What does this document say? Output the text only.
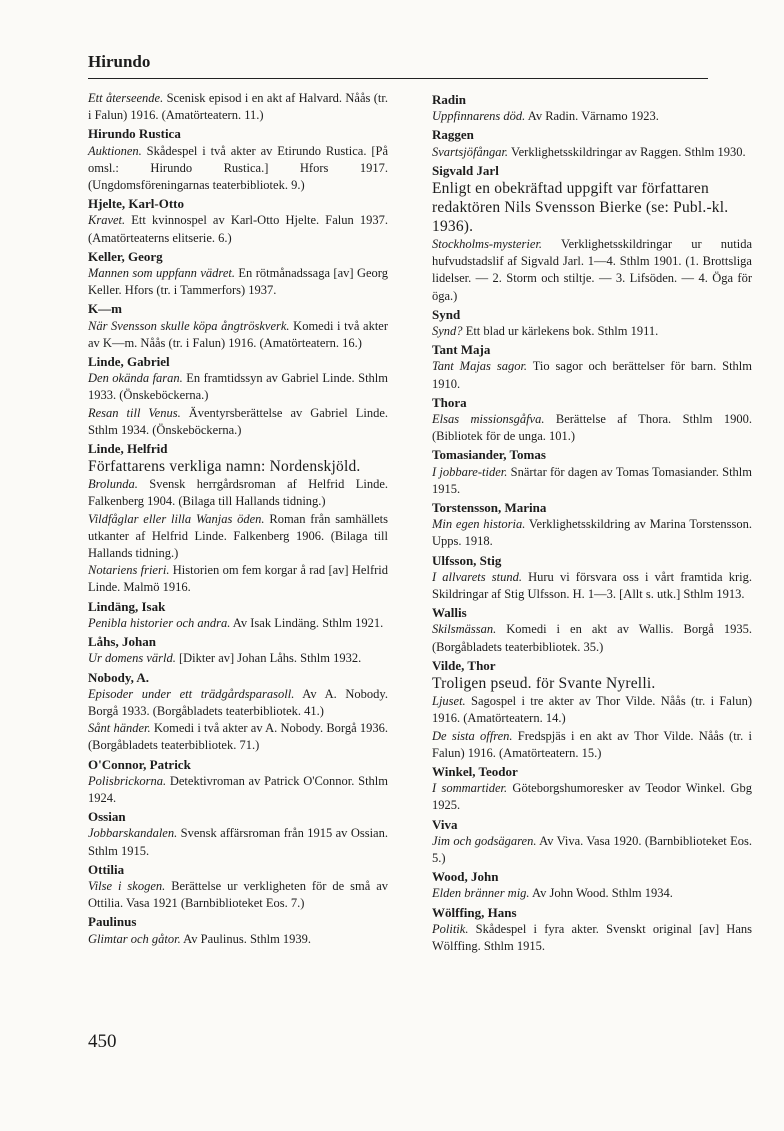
Hirundo
Ett återseende. Scenisk episod i en akt af Halvard. Nåås (tr. i Falun) 1916. (Amatörteatern. 11.)
Hirundo Rustica
Auktionen. Skådespel i två akter av Etirundo Rustica. [På omsl.: Hirundo Rustica.] Hfors 1917. (Ungdomsföreningarnas teaterbibliotek. 9.)
Hjelte, Karl-Otto
Kravet. Ett kvinnospel av Karl-Otto Hjelte. Falun 1937. (Amatörteaterns elitserie. 6.)
Keller, Georg
Mannen som uppfann vädret. En rötmånadssaga [av] Georg Keller. Hfors (tr. i Tammerfors) 1937.
K—m
När Svensson skulle köpa ångtröskverk. Komedi i två akter av K—m. Nåås (tr. i Falun) 1916. (Amatörteatern. 16.)
Linde, Gabriel
Den okända faran. En framtidssyn av Gabriel Linde. Sthlm 1933. (Önskeböckerna.)
Resan till Venus. Äventyrsberättelse av Gabriel Linde. Sthlm 1934. (Önskeböckerna.)
Linde, Helfrid
Författarens verkliga namn: Nordenskjöld.
Brolunda. Svensk herrgårdsroman af Helfrid Linde. Falkenberg 1904. (Bilaga till Hallands tidning.)
Vildfåglar eller lilla Wanjas öden. Roman från samhällets utkanter af Helfrid Linde. Falkenberg 1906. (Bilaga till Hallands tidning.)
Notariens frieri. Historien om fem korgar å rad [av] Helfrid Linde. Malmö 1916.
Lindäng, Isak
Penibla historier och andra. Av Isak Lindäng. Sthlm 1921.
Låhs, Johan
Ur domens värld. [Dikter av] Johan Låhs. Sthlm 1932.
Nobody, A.
Episoder under ett trädgårdsparasoll. Av A. Nobody. Borgå 1933. (Borgåbladets teaterbibliotek. 41.)
Sånt händer. Komedi i två akter av A. Nobody. Borgå 1936. (Borgåbladets teaterbibliotek. 71.)
O'Connor, Patrick
Polisbrickorna. Detektivroman av Patrick O'Connor. Sthlm 1924.
Ossian
Jobbarskandalen. Svensk affärsroman från 1915 av Ossian. Sthlm 1915.
Ottilia
Vilse i skogen. Berättelse ur verkligheten för de små av Ottilia. Vasa 1921 (Barnbiblioteket Eos. 7.)
Paulinus
Glimtar och gåtor. Av Paulinus. Sthlm 1939.
Radin
Uppfinnarens död. Av Radin. Värnamo 1923.
Raggen
Svartsjöfångar. Verklighetsskildringar av Raggen. Sthlm 1930.
Sigvald Jarl
Enligt en obekräftad uppgift var författaren redaktören Nils Svensson Bierke (se: Publ.-kl. 1936).
Stockholms-mysterier. Verklighetsskildringar ur nutida hufvudstadslif af Sigvald Jarl. 1—4. Sthlm 1901. (1. Brottsliga lidelser. — 2. Storm och stiltje. — 3. Lifsöden. — 4. Öga för öga.)
Synd
Synd? Ett blad ur kärlekens bok. Sthlm 1911.
Tant Maja
Tant Majas sagor. Tio sagor och berättelser för barn. Sthlm 1910.
Thora
Elsas missionsgåfva. Berättelse af Thora. Sthlm 1900. (Bibliotek för de unga. 101.)
Tomasiander, Tomas
I jobbare-tider. Snärtar för dagen av Tomas Tomasiander. Sthlm 1915.
Torstensson, Marina
Min egen historia. Verklighetsskildring av Marina Torstensson. Upps. 1918.
Ulfsson, Stig
I allvarets stund. Huru vi försvara oss i vårt framtida krig. Skildringar af Stig Ulfsson. H. 1—3. [Allt s. utk.] Sthlm 1913.
Wallis
Skilsmässan. Komedi i en akt av Wallis. Borgå 1935. (Borgåbladets teaterbibliotek. 35.)
Vilde, Thor
Troligen pseud. för Svante Nyrelli.
Ljuset. Sagospel i tre akter av Thor Vilde. Nåås (tr. i Falun) 1916. (Amatörteatern. 14.)
De sista offren. Fredspjäs i en akt av Thor Vilde. Nåås (tr. i Falun) 1916. (Amatörteatern. 15.)
Winkel, Teodor
I sommartider. Göteborgshumoresker av Teodor Winkel. Gbg 1925.
Viva
Jim och godsägaren. Av Viva. Vasa 1920. (Barnbiblioteket Eos. 5.)
Wood, John
Elden bränner mig. Av John Wood. Sthlm 1934.
Wölffing, Hans
Politik. Skådespel i fyra akter. Svenskt original [av] Hans Wölffing. Sthlm 1915.
450
